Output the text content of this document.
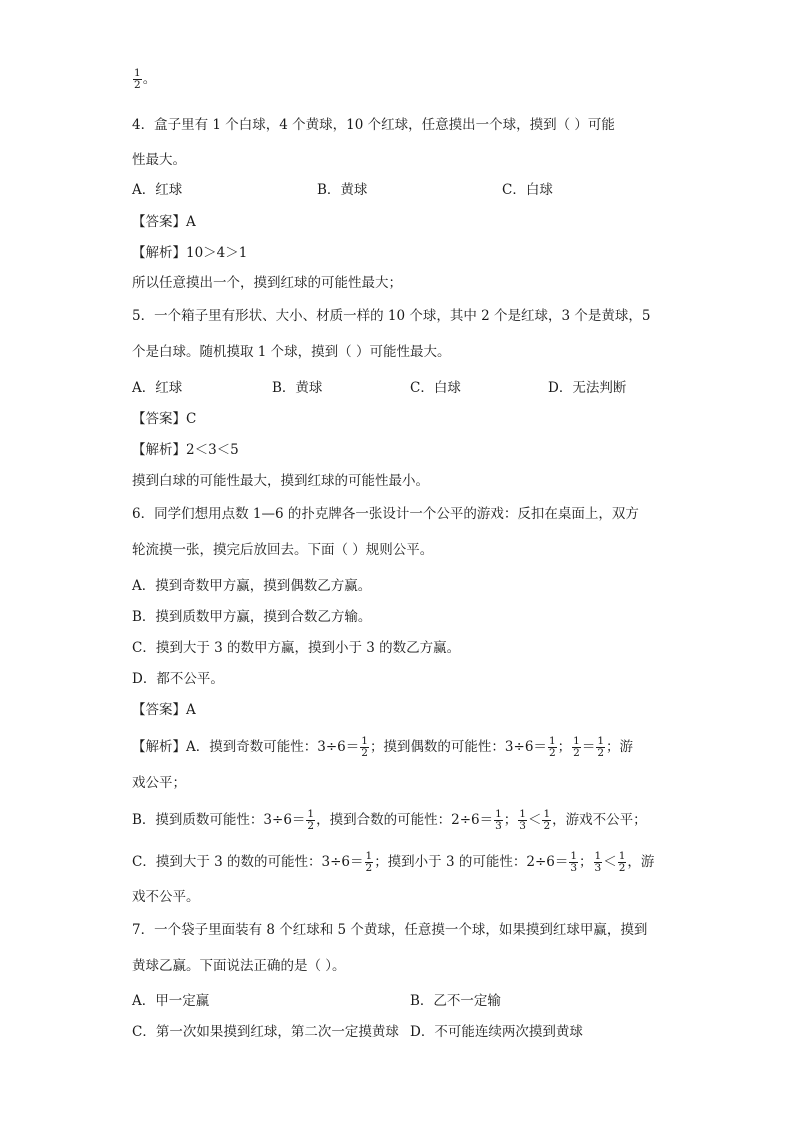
$\frac{1}{2}$ 。
4．盒子里有 1 个白球，4 个黄球，10 个红球，任意摸出一个球，摸到（ ）可能
性最大。
A．红球	B．黄球	C．白球
【答案】A
【解析】10＞4＞1
所以任意摸出一个，摸到红球的可能性最大；
5．一个箱子里有形状、大小、材质一样的 10 个球，其中 2 个是红球，3 个是黄球，5
个是白球。随机摸取 1 个球，摸到（ ）可能性最大。
A．红球	B．黄球	C．白球	D．无法判断
【答案】C
【解析】2＜3＜5
摸到白球的可能性最大，摸到红球的可能性最小。
6．同学们想用点数 1—6 的扑克牌各一张设计一个公平的游戏：反扣在桌面上，双方
轮流摸一张，摸完后放回去。下面（ ）规则公平。
A．摸到奇数甲方赢，摸到偶数乙方赢。
B．摸到质数甲方赢，摸到合数乙方输。
C．摸到大于 3 的数甲方赢，摸到小于 3 的数乙方赢。
D．都不公平。
【答案】A
【解析】A．摸到奇数可能性：$3\div 6= \frac{1}{2}$ ；摸到偶数的可能性：$3\div 6= \frac{1}{2}$ ； $\frac{1}{2} = \frac{1}{2}$ ；游
戏公平；
B．摸到质数可能性：$3\div 6= \frac{1}{2}$ ，摸到合数的可能性：$2\div 6= \frac{1}{3}$ ； $\frac{1}{3} < \frac{1}{2}$ ，游戏不公平；
C．摸到大于 3 的数的可能性：$3\div 6= \frac{1}{2}$ ；摸到小于 3 的可能性：$2\div 6= \frac{1}{3}$ ； $\frac{1}{3} < \frac{1}{2}$ ，游
戏不公平。
7．一个袋子里面装有 8 个红球和 5 个黄球，任意摸一个球，如果摸到红球甲赢，摸到
黄球乙赢。下面说法正确的是（ ）。
A．甲一定赢	B．乙不一定输
C．第一次如果摸到红球，第二次一定摸黄球 D．不可能连续两次摸到黄球
